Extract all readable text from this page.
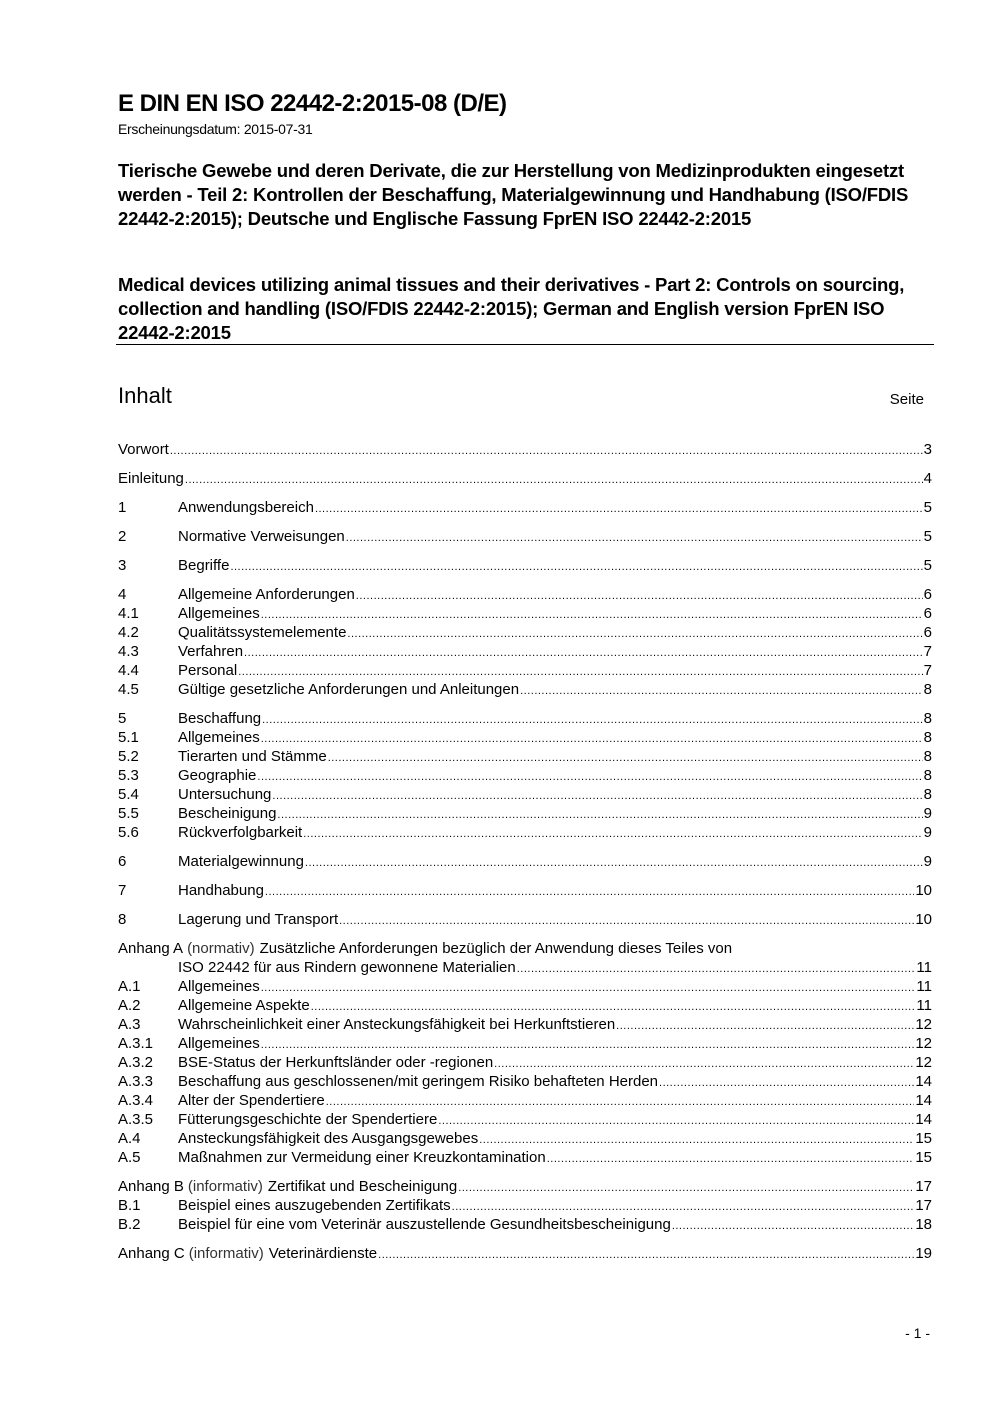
E DIN EN ISO 22442-2:2015-08 (D/E)
Erscheinungsdatum: 2015-07-31
Tierische Gewebe und deren Derivate, die zur Herstellung von Medizinprodukten eingesetzt werden - Teil 2: Kontrollen der Beschaffung, Materialgewinnung und Handhabung (ISO/FDIS 22442-2:2015); Deutsche und Englische Fassung FprEN ISO 22442-2:2015
Medical devices utilizing animal tissues and their derivatives - Part 2: Controls on sourcing, collection and handling (ISO/FDIS 22442-2:2015); German and English version FprEN ISO 22442-2:2015
Inhalt	Seite
Vorwort .....	3
Einleitung .....	4
1	Anwendungsbereich .....	5
2	Normative Verweisungen .....	5
3	Begriffe .....	5
4	Allgemeine Anforderungen .....	6
4.1	Allgemeines .....	6
4.2	Qualitätssystemelemente .....	6
4.3	Verfahren .....	7
4.4	Personal .....	7
4.5	Gültige gesetzliche Anforderungen und Anleitungen .....	8
5	Beschaffung .....	8
5.1	Allgemeines .....	8
5.2	Tierarten und Stämme .....	8
5.3	Geographie .....	8
5.4	Untersuchung .....	8
5.5	Bescheinigung .....	9
5.6	Rückverfolgbarkeit .....	9
6	Materialgewinnung .....	9
7	Handhabung .....	10
8	Lagerung und Transport .....	10
Anhang A (normativ) Zusätzliche Anforderungen bezüglich der Anwendung dieses Teiles von
ISO 22442 für aus Rindern gewonnene Materialien .....	11
A.1	Allgemeines .....	11
A.2	Allgemeine Aspekte .....	11
A.3	Wahrscheinlichkeit einer Ansteckungsfähigkeit bei Herkunftstieren .....	12
A.3.1	Allgemeines .....	12
A.3.2	BSE-Status der Herkunftsländer oder -regionen .....	12
A.3.3	Beschaffung aus geschlossenen/mit geringem Risiko behafteten Herden .....	14
A.3.4	Alter der Spendertiere .....	14
A.3.5	Fütterungsgeschichte der Spendertiere .....	14
A.4	Ansteckungsfähigkeit des Ausgangsgewebes .....	15
A.5	Maßnahmen zur Vermeidung einer Kreuzkontamination .....	15
Anhang B (informativ) Zertifikat und Bescheinigung .....	17
B.1	Beispiel eines auszugebenden Zertifikats .....	17
B.2	Beispiel für eine vom Veterinär auszustellende Gesundheitsbescheinigung .....	18
Anhang C (informativ) Veterinärdienste .....	19
- 1 -
